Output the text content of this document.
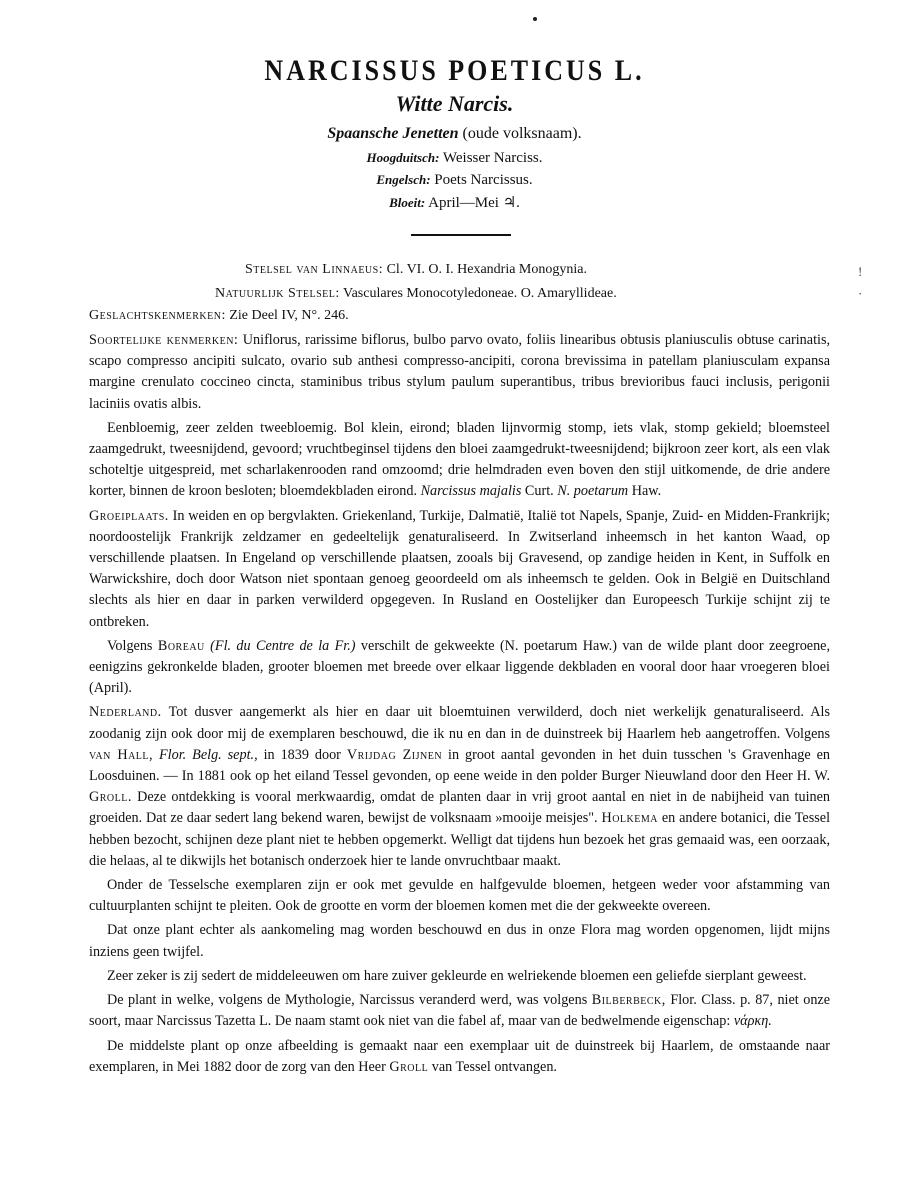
!
·
NARCISSUS POETICUS L.
Witte Narcis.
Spaansche Jenetten (oude volksnaam).
Hoogduitsch: Weisser Narciss.
Engelsch: Poets Narcissus.
Bloeit: April—Mei ♃.
Stelsel van Linnaeus: Cl. VI. O. I. Hexandria Monogynia.
Natuurlijk Stelsel: Vasculares Monocotyledoneae. O. Amaryllideae.
Geslachtskenmerken: Zie Deel IV, N°. 246.

Soortelijke kenmerken: Uniflorus, rarissime biflorus, bulbo parvo ovato, foliis linearibus obtusis planiusculis obtuse carinatis, scapo compresso ancipiti sulcato, ovario sub anthesi compresso-ancipiti, corona brevissima in patellam planiusculam expansa margine crenulato coccineo cincta, staminibus tribus stylum paulum superantibus, tribus brevioribus fauci inclusis, perigonii laciniis ovatis albis.

Eenbloemig, zeer zelden tweebloemig. Bol klein, eirond; bladen lijnvormig stomp, iets vlak, stomp gekield; bloemsteel zaamgedrukt, tweesnijdend, gevoord; vruchtbeginsel tijdens den bloei zaamgedrukt-tweesnijdend; bijkroon zeer kort, als een vlak schoteltje uitgespreid, met scharlakenrooden rand omzoomd; drie helmdraden even boven den stijl uitkomende, de drie andere korter, binnen de kroon besloten; bloemdekbladen eirond. Narcissus majalis Curt. N. poetarum Haw.

Groeiplaats. In weiden en op bergvlakten. Griekenland, Turkije, Dalmatië, Italië tot Napels, Spanje, Zuid- en Midden-Frankrijk; noordoostelijk Frankrijk zeldzamer en gedeeltelijk genaturaliseerd. In Zwitserland inheemsch in het kanton Waad, op verschillende plaatsen. In Engeland op verschillende plaatsen, zooals bij Gravesend, op zandige heiden in Kent, in Suffolk en Warwickshire, doch door Watson niet spontaan genoeg geoordeeld om als inheemsch te gelden. Ook in België en Duitschland slechts als hier en daar in parken verwilderd opgegeven. In Rusland en Oostelijker dan Europeesch Turkije schijnt zij te ontbreken.

Volgens Boreau (Fl. du Centre de la Fr.) verschilt de gekweekte (N. poetarum Haw.) van de wilde plant door zeegroene, eenigzins gekronkelde bladen, grooter bloemen met breede over elkaar liggende dekbladen en vooral door haar vroegeren bloei (April).

Nederland. Tot dusver aangemerkt als hier en daar uit bloemtuinen verwilderd, doch niet werkelijk genaturaliseerd. Als zoodanig zijn ook door mij de exemplaren beschouwd, die ik nu en dan in de duinstreek bij Haarlem heb aangetroffen. Volgens van Hall, Flor. Belg. sept., in 1839 door Vrijdag Zijnen in groot aantal gevonden in het duin tusschen 's Gravenhage en Loosduinen. — In 1881 ook op het eiland Tessel gevonden, op eene weide in den polder Burger Nieuwland door den Heer H. W. Groll. Deze ontdekking is vooral merkwaardig, omdat de planten daar in vrij groot aantal en niet in de nabijheid van tuinen groeiden. Dat ze daar sedert lang bekend waren, bewijst de volksnaam »mooije meisjes". Holkema en andere botanici, die Tessel hebben bezocht, schijnen deze plant niet te hebben opgemerkt. Welligt dat tijdens hun bezoek het gras gemaaid was, een oorzaak, die helaas, al te dikwijls het botanisch onderzoek hier te lande onvruchtbaar maakt.

Onder de Tesselsche exemplaren zijn er ook met gevulde en halfgevulde bloemen, hetgeen weder voor afstamming van cultuurplanten schijnt te pleiten. Ook de grootte en vorm der bloemen komen met die der gekweekte overeen.

Dat onze plant echter als aankomeling mag worden beschouwd en dus in onze Flora mag worden opgenomen, lijdt mijns inziens geen twijfel.

Zeer zeker is zij sedert de middeleeuwen om hare zuiver gekleurde en welriekende bloemen een geliefde sierplant geweest.

De plant in welke, volgens de Mythologie, Narcissus veranderd werd, was volgens Bilberbeck, Flor. Class. p. 87, niet onze soort, maar Narcissus Tazetta L. De naam stamt ook niet van die fabel af, maar van de bedwelmende eigenschap: νάρκη.

De middelste plant op onze afbeelding is gemaakt naar een exemplaar uit de duinstreek bij Haarlem, de omstaande naar exemplaren, in Mei 1882 door de zorg van den Heer Groll van Tessel ontvangen.
